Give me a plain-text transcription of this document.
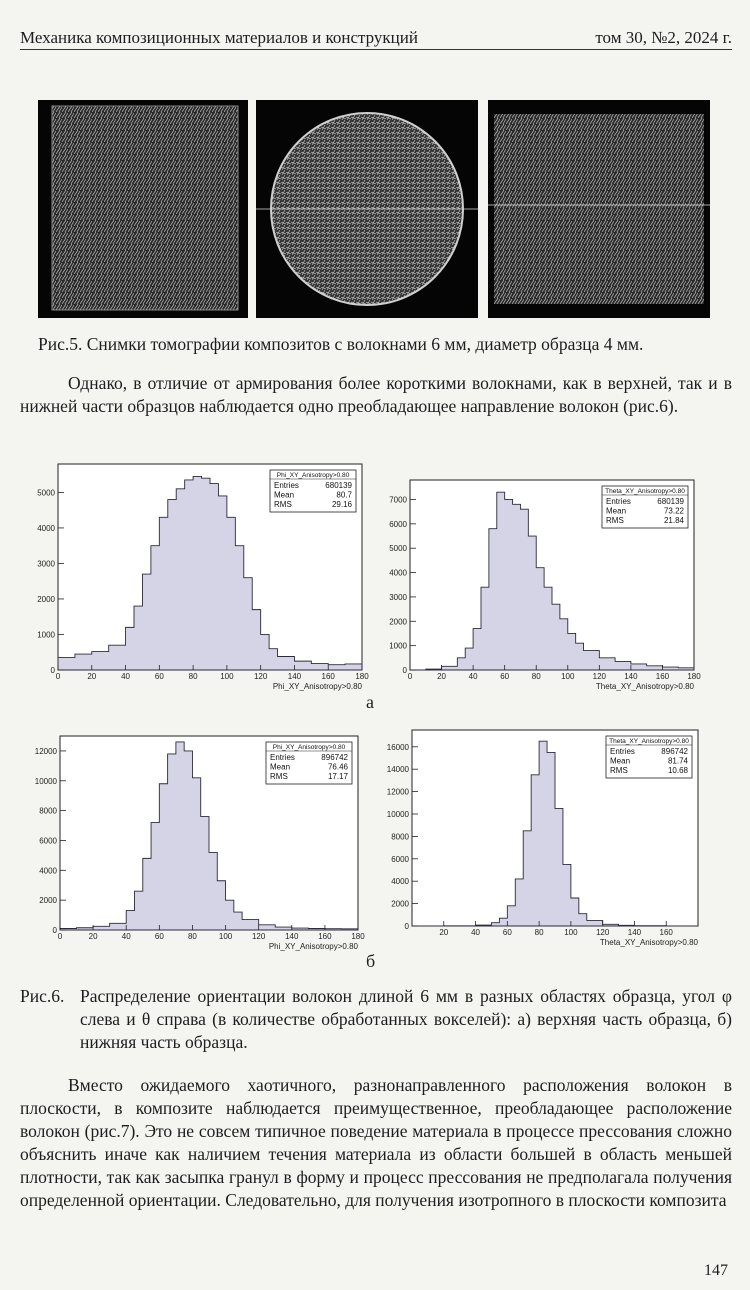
Механика композиционных материалов и конструкций	том 30, №2, 2024 г.
Рис.5. Снимки томографии композитов с волокнами 6 мм, диаметр образца 4 мм.

Однако, в отличие от армирования более короткими волокнами, как в верхней, так и в нижней части образцов наблюдается одно преобладающее направление волокон (рис.6).

0	20	40	60	80	100	120	140	160	180
0
1000
2000
3000
4000
5000
Phi_XY_Anisotropy>0.80
Phi_XY_Anisotropy>0.80
Entries	680139
Mean	80.7
RMS	29.16
0	20	40	60	80	100 120 140 160 180
0
1000
2000
3000
4000
5000
6000
7000
Theta_XY_Anisotropy>0.80
Theta_XY_Anisotropy>0.80
Entries	680139
Mean	73.22
RMS	21.84
а
0	20	40	60	80	100 120 140 160 180
0
2000
4000
6000
8000
10000
12000
Phi_XY_Anisotropy>0.80
Phi_XY_Anisotropy>0.80
Entries	896742
Mean	76.46
RMS	17.17
20	40	60	80	100 120 140 160
0
2000
4000
6000
8000
10000
12000
14000
16000
Theta_XY_Anisotropy>0.80
Theta_XY_Anisotropy>0.80
Entries	896742
Mean	81.74
RMS	10.68
б
Рис.6. Распределение ориентации волокон длиной 6 мм в разных областях образца, угол φ слева и θ справа (в количестве обработанных вокселей): а) верхняя часть образца, б) нижняя часть образца.

Вместо ожидаемого хаотичного, разнонаправленного расположения волокон в плоскости, в композите наблюдается преимущественное, преобладающее расположение волокон (рис.7). Это не совсем типичное поведение материала в процессе прессования сложно объяснить иначе как наличием течения материала из области большей в область меньшей плотности, так как засыпка гранул в форму и процесс прессования не предполагала получения определенной ориентации. Следовательно, для получения изотропного в плоскости композита

147
